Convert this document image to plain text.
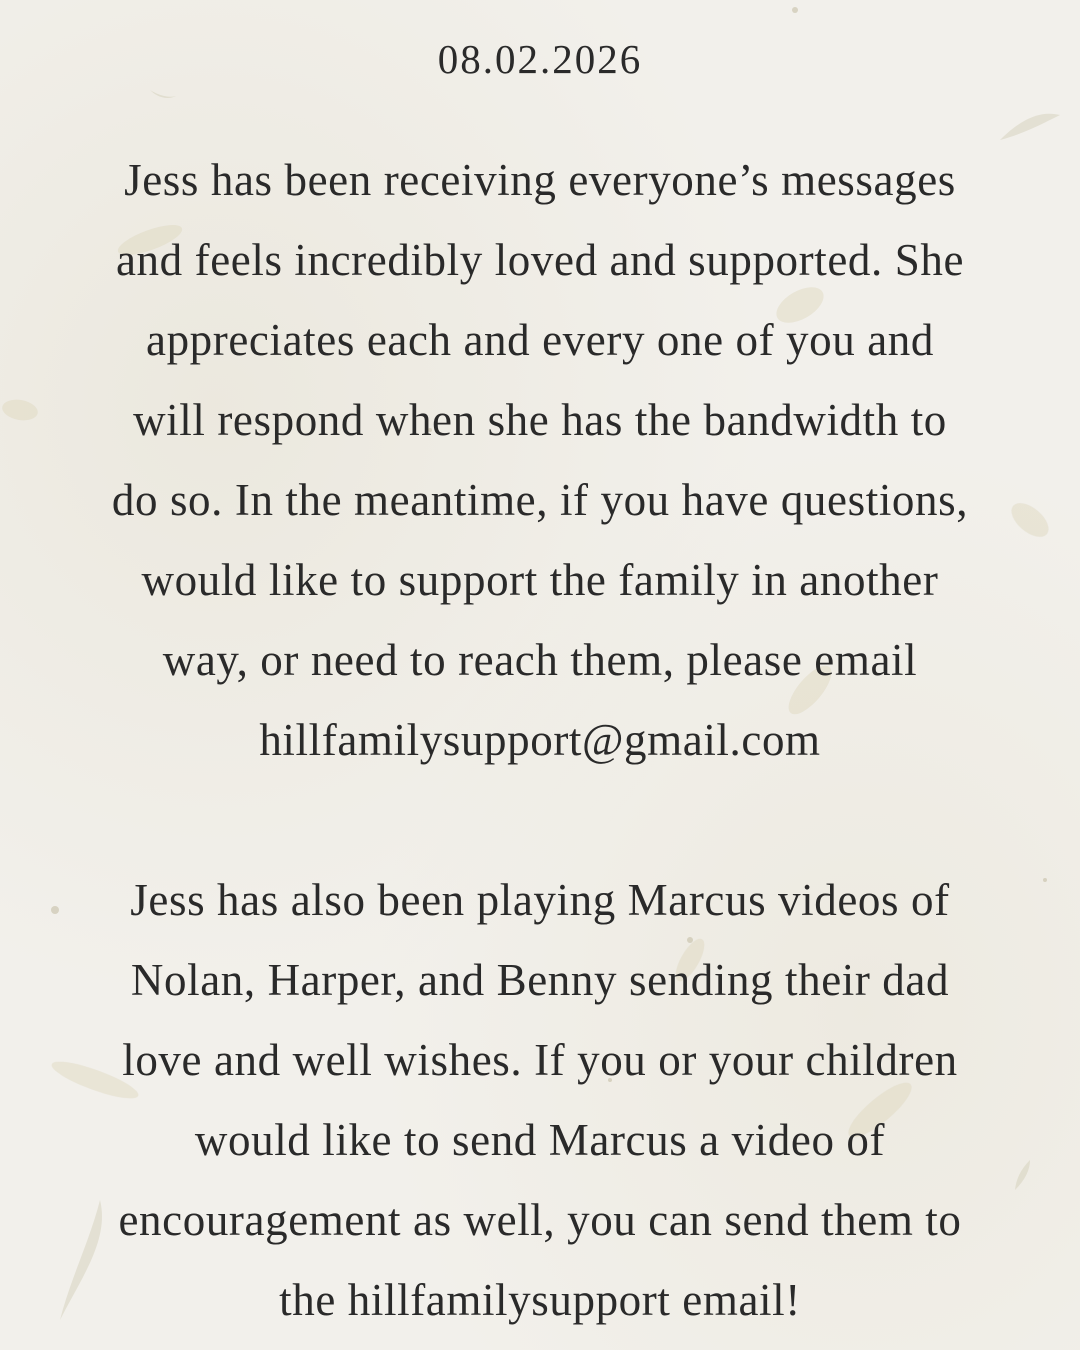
08.02.2026

Jess has been receiving everyone’s messages
and feels incredibly loved and supported. She
appreciates each and every one of you and
will respond when she has the bandwidth to
do so. In the meantime, if you have questions,
would like to support the family in another
way, or need to reach them, please email
hillfamilysupport@gmail.com

Jess has also been playing Marcus videos of
Nolan, Harper, and Benny sending their dad
love and well wishes. If you or your children
would like to send Marcus a video of
encouragement as well, you can send them to
the hillfamilysupport email!
